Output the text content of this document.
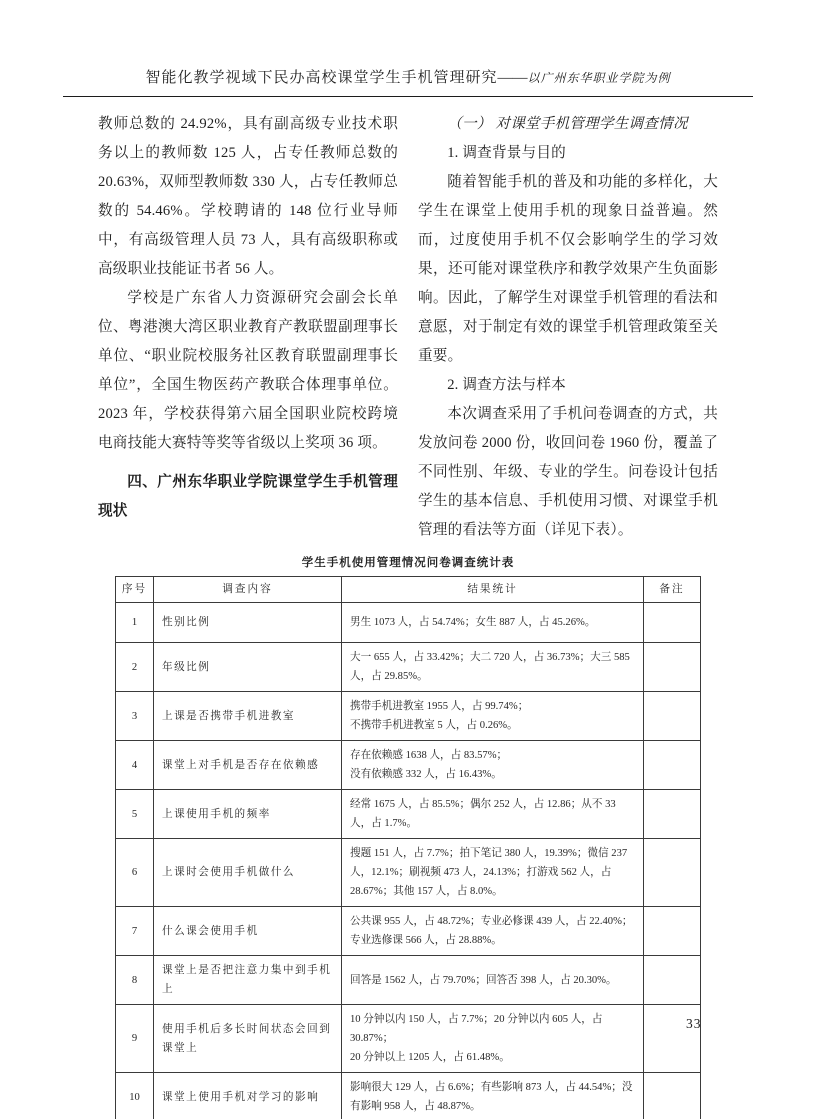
智能化教学视域下民办高校课堂学生手机管理研究——以广州东华职业学院为例

教师总数的 24.92%，具有副高级专业技术职务以上的教师数 125 人，占专任教师总数的 20.63%，双师型教师数 330 人，占专任教师总数的 54.46%。学校聘请的 148 位行业导师中，有高级管理人员 73 人，具有高级职称或高级职业技能证书者 56 人。

学校是广东省人力资源研究会副会长单位、粤港澳大湾区职业教育产教联盟副理事长单位、“职业院校服务社区教育联盟副理事长单位”，全国生物医药产教联合体理事单位。2023 年，学校获得第六届全国职业院校跨境电商技能大赛特等奖等省级以上奖项 36 项。

四、广州东华职业学院课堂学生手机管理现状

（一） 对课堂手机管理学生调查情况

1. 调查背景与目的

随着智能手机的普及和功能的多样化，大学生在课堂上使用手机的现象日益普遍。然而，过度使用手机不仅会影响学生的学习效果，还可能对课堂秩序和教学效果产生负面影响。因此，了解学生对课堂手机管理的看法和意愿，对于制定有效的课堂手机管理政策至关重要。

2. 调查方法与样本

本次调查采用了手机问卷调查的方式，共发放问卷 2000 份，收回问卷 1960 份，覆盖了不同性别、年级、专业的学生。问卷设计包括学生的基本信息、手机使用习惯、对课堂手机管理的看法等方面（详见下表）。

学生手机使用管理情况问卷调查统计表

序号	调查内容	结果统计	备注
1	性别比例	男生 1073 人，占 54.74%；女生 887 人，占 45.26%。	

2	年级比例	大一 655 人，占 33.42%；大二 720 人，占 36.73%；大三 585 人，占 29.85%。	

3	上课是否携带手机进教室	携带手机进教室 1955 人，占 99.74%；
不携带手机进教室 5 人，占 0.26%。	

4	课堂上对手机是否存在依赖感	存在依赖感 1638 人，占 83.57%；
没有依赖感 332 人，占 16.43%。	

5	上课使用手机的频率	经常 1675 人，占 85.5%；偶尔 252 人，占 12.86；从不 33 人，占 1.7%。	

6	上课时会使用手机做什么	搜题 151 人，占 7.7%；拍下笔记 380 人，19.39%；微信 237 人，12.1%；刷视频 473 人，24.13%；打游戏 562 人，占 28.67%；其他 157 人，占 8.0%。	

7	什么课会使用手机	公共课 955 人，占 48.72%；专业必修课 439 人，占 22.40%；专业选修课 566 人，占 28.88%。	

8	课堂上是否把注意力集中到手机上	回答是 1562 人，占 79.70%；回答否 398 人，占 20.30%。	

9	使用手机后多长时间状态会回到课堂上	10 分钟以内 150 人，占 7.7%；20 分钟以内 605 人，占 30.87%；
20 分钟以上 1205 人，占 61.48%。	

10	课堂上使用手机对学习的影响	影响很大 129 人，占 6.6%；有些影响 873 人，占 44.54%；没有影响 958 人，占 48.87%。	

33
